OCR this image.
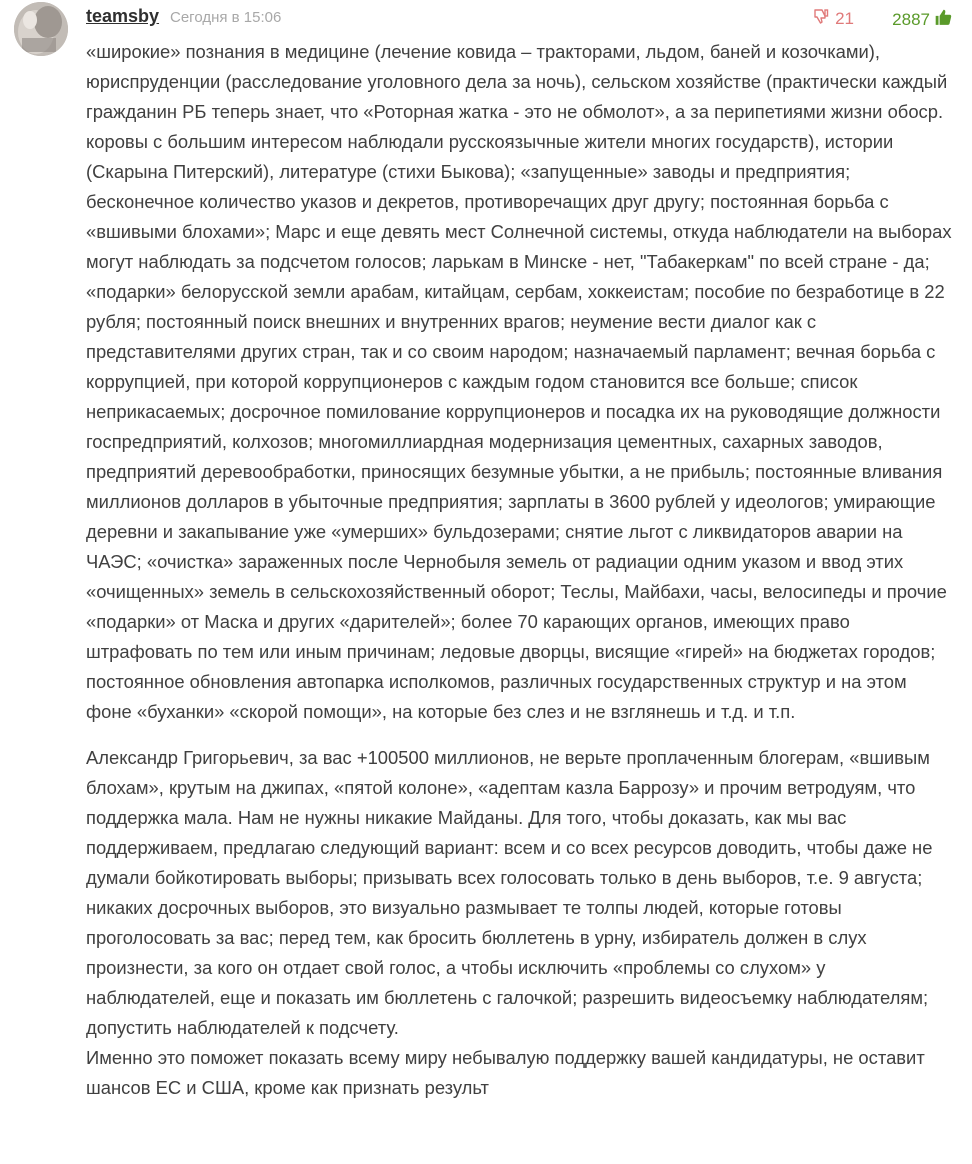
teamsby Сегодня в 15:06	21 2887

«широкие» познания в медицине (лечение ковида – тракторами, льдом, баней и козочками), юриспруденции (расследование уголовного дела за ночь), сельском хозяйстве (практически каждый гражданин РБ теперь знает, что «Роторная жатка - это не обмолот», а за перипетиями жизни обоср. коровы с большим интересом наблюдали русскоязычные жители многих государств), истории (Скарына Питерский), литературе (стихи Быкова); «запущенные» заводы и предприятия; бесконечное количество указов и декретов, противоречащих друг другу; постоянная борьба с «вшивыми блохами»; Марс и еще девять мест Солнечной системы, откуда наблюдатели на выборах могут наблюдать за подсчетом голосов; ларькам в Минске - нет, "Табакеркам" по всей стране - да; «подарки» белорусской земли арабам, китайцам, сербам, хоккеистам; пособие по безработице в 22 рубля; постоянный поиск внешних и внутренних врагов; неумение вести диалог как с представителями других стран, так и со своим народом; назначаемый парламент; вечная борьба с коррупцией, при которой коррупционеров с каждым годом становится все больше; список неприкасаемых; досрочное помилование коррупционеров и посадка их на руководящие должности госпредприятий, колхозов; многомиллиардная модернизация цементных, сахарных заводов, предприятий деревообработки, приносящих безумные убытки, а не прибыль; постоянные вливания миллионов долларов в убыточные предприятия; зарплаты в 3600 рублей у идеологов; умирающие деревни и закапывание уже «умерших» бульдозерами; снятие льгот с ликвидаторов аварии на ЧАЭС; «очистка» зараженных после Чернобыля земель от радиации одним указом и ввод этих «очищенных» земель в сельскохозяйственный оборот; Теслы, Майбахи, часы, велосипеды и прочие «подарки» от Маска и других «дарителей»; более 70 карающих органов, имеющих право штрафовать по тем или иным причинам; ледовые дворцы, висящие «гирей» на бюджетах городов; постоянное обновления автопарка исполкомов, различных государственных структур и на этом фоне «буханки» «скорой помощи», на которые без слез и не взглянешь и т.д. и т.п.

Александр Григорьевич, за вас +100500 миллионов, не верьте проплаченным блогерам, «вшивым блохам», крутым на джипах, «пятой колоне», «адептам казла Баррозу» и прочим ветродуям, что поддержка мала. Нам не нужны никакие Майданы. Для того, чтобы доказать, как мы вас поддерживаем, предлагаю следующий вариант: всем и со всех ресурсов доводить, чтобы даже не думали бойкотировать выборы; призывать всех голосовать только в день выборов, т.е. 9 августа; никаких досрочных выборов, это визуально размывает те толпы людей, которые готовы проголосовать за вас; перед тем, как бросить бюллетень в урну, избиратель должен в слух произнести, за кого он отдает свой голос, а чтобы исключить «проблемы со слухом» у наблюдателей, еще и показать им бюллетень с галочкой; разрешить видеосъемку наблюдателям; допустить наблюдателей к подсчету.

Именно это поможет показать всему миру небывалую поддержку вашей кандидатуры, не оставит шансов ЕС и США, кроме как признать результ
